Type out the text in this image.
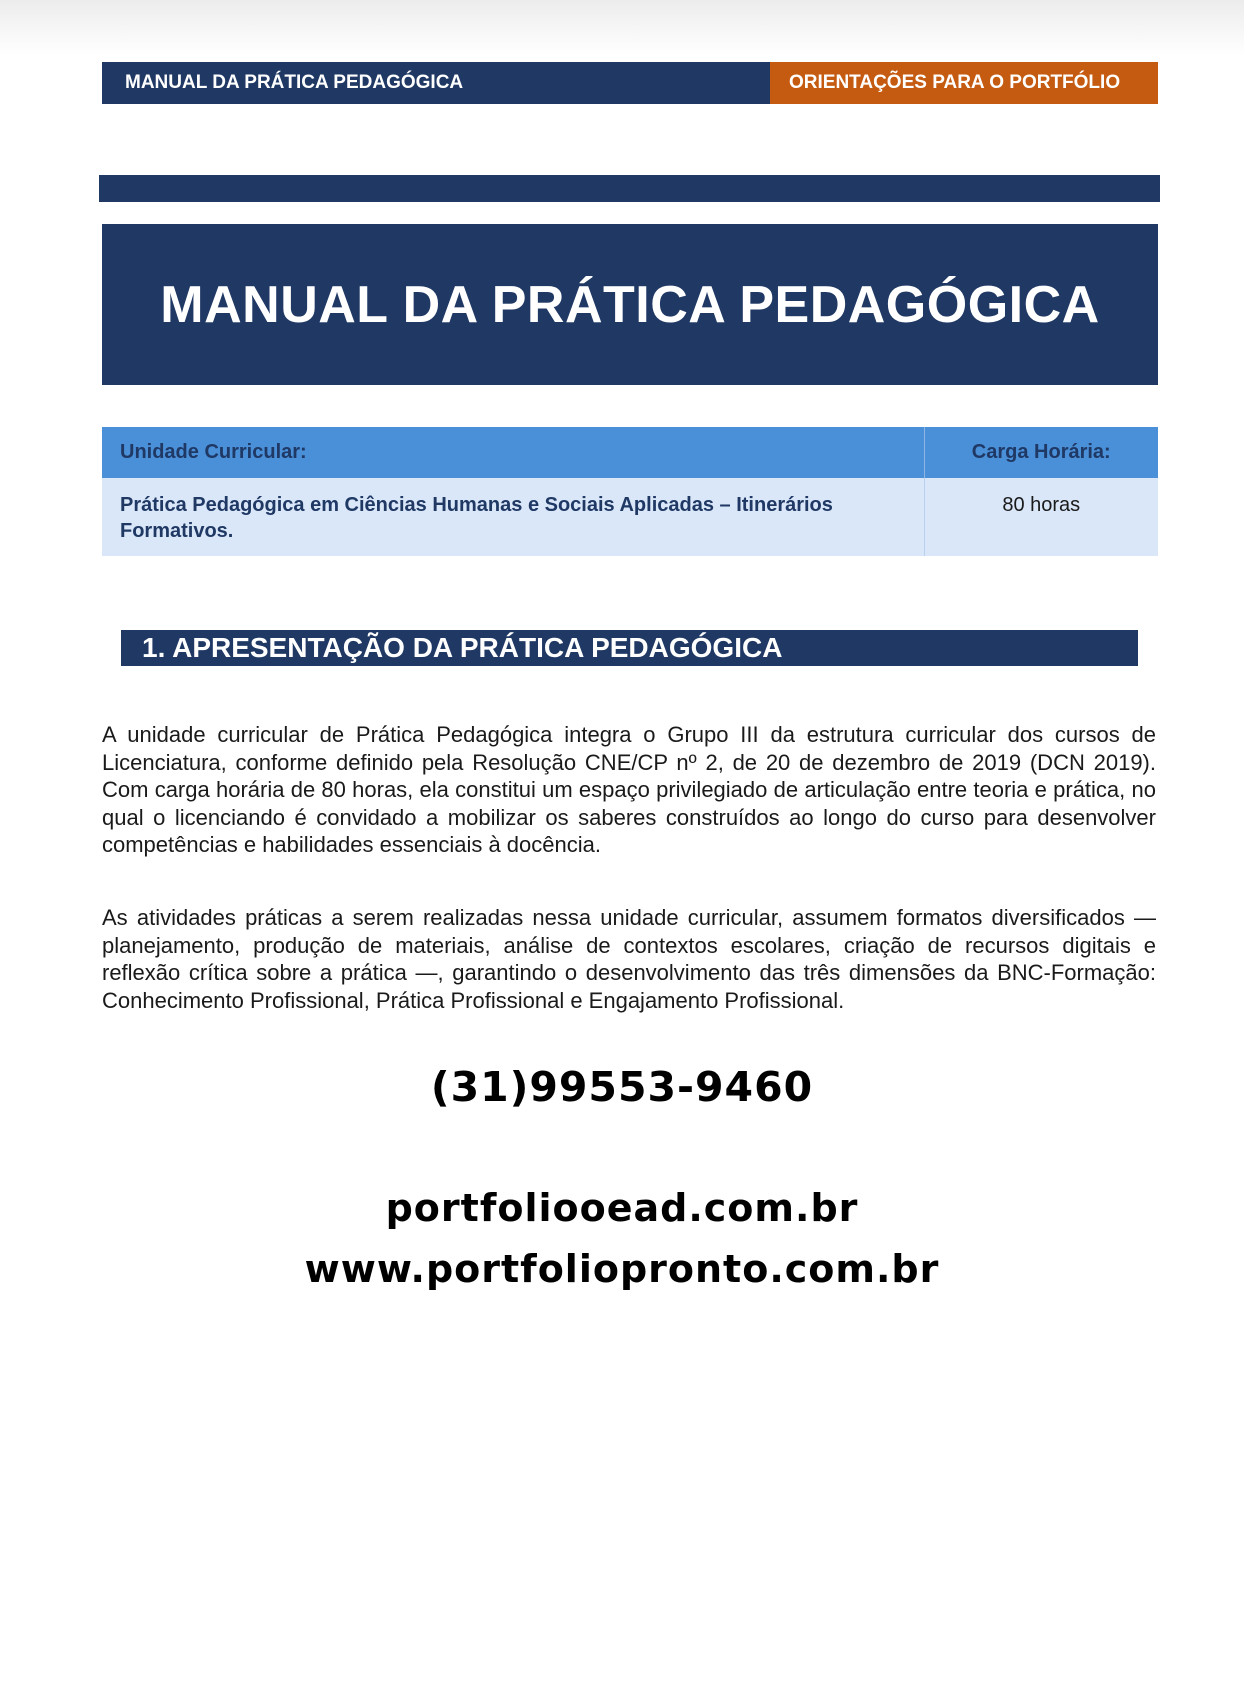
MANUAL DA PRÁTICA PEDAGÓGICA	ORIENTAÇÕES PARA O PORTFÓLIO
MANUAL DA PRÁTICA PEDAGÓGICA
Unidade Curricular:	Carga Horária:
Prática Pedagógica em Ciências Humanas e Sociais Aplicadas – Itinerários Formativos.	80 horas
1. APRESENTAÇÃO DA PRÁTICA PEDAGÓGICA

A unidade curricular de Prática Pedagógica integra o Grupo III da estrutura curricular dos cursos de Licenciatura, conforme definido pela Resolução CNE/CP nº 2, de 20 de dezembro de 2019 (DCN 2019). Com carga horária de 80 horas, ela constitui um espaço privilegiado de articulação entre teoria e prática, no qual o licenciando é convidado a mobilizar os saberes construídos ao longo do curso para desenvolver competências e habilidades essenciais à docência.

As atividades práticas a serem realizadas nessa unidade curricular, assumem formatos diversificados — planejamento, produção de materiais, análise de contextos escolares, criação de recursos digitais e reflexão crítica sobre a prática —, garantindo o desenvolvimento das três dimensões da BNC-Formação: Conhecimento Profissional, Prática Profissional e Engajamento Profissional.

(31)99553-9460
portfoliooead.com.br
www.portfoliopronto.com.br
